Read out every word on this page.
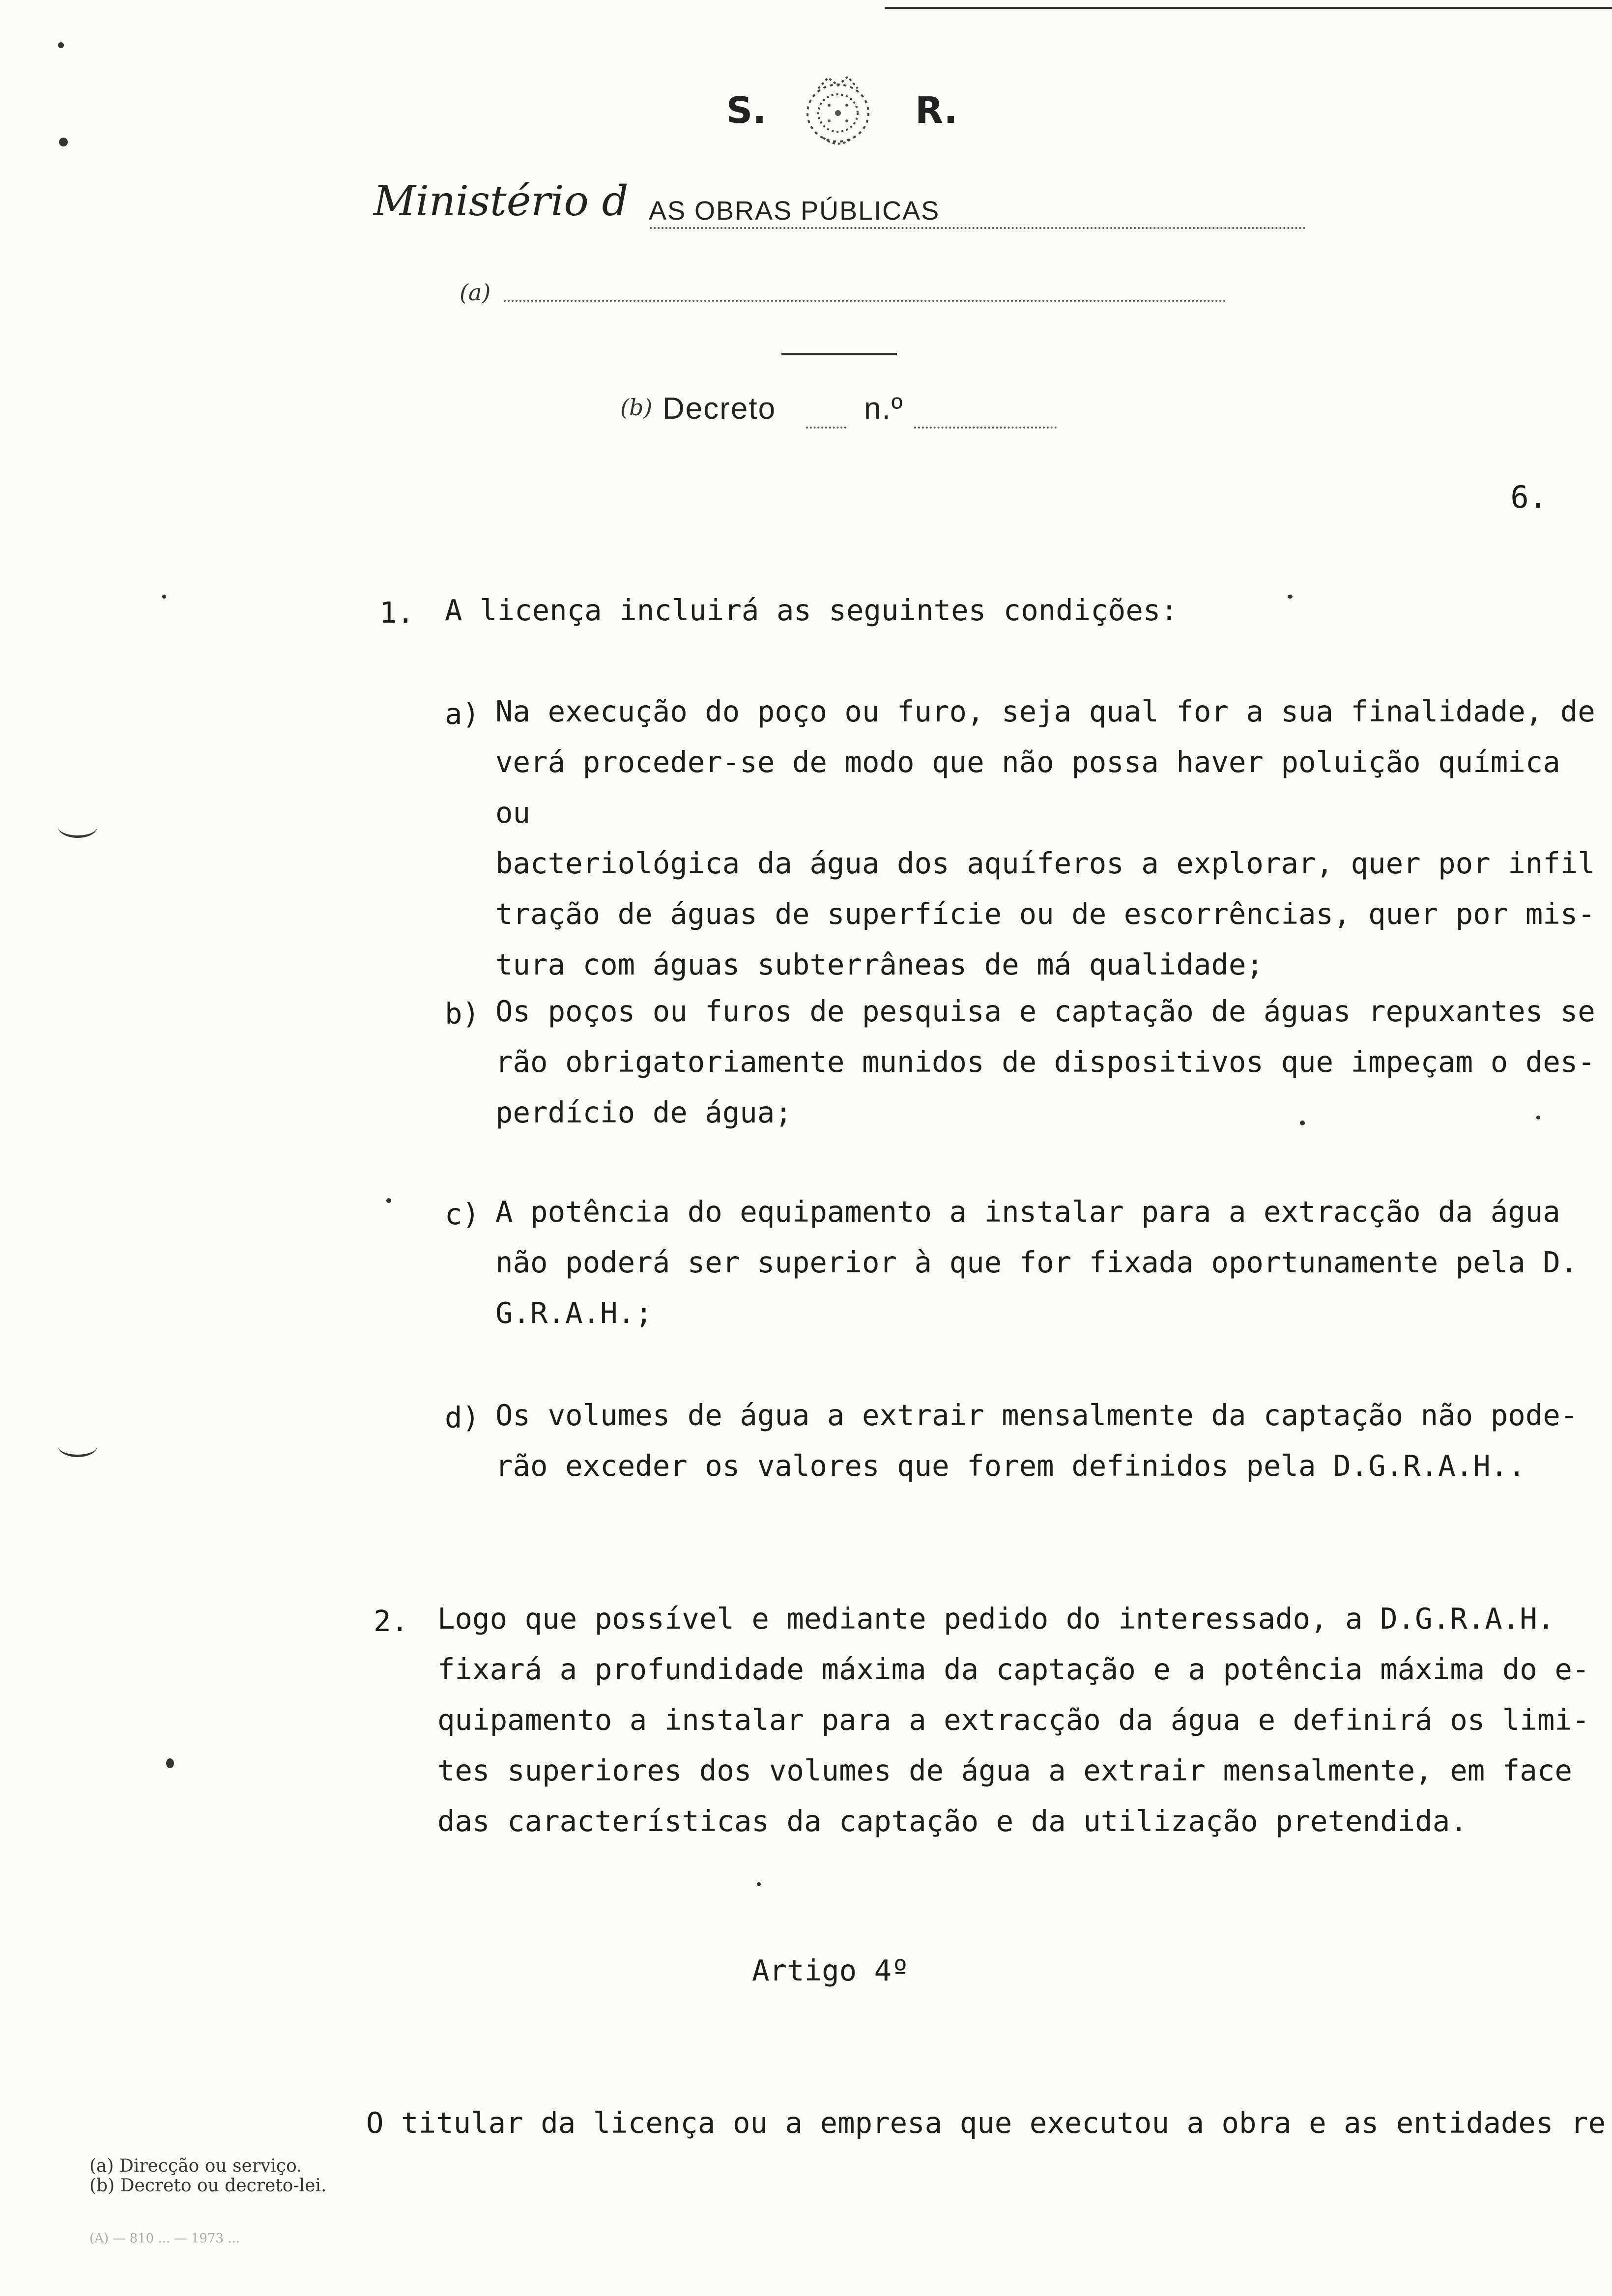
S.	R.
Ministério d AS OBRAS PÚBLICAS
(a)
(b) Decreto	n.º
6.
1. A licença incluirá as seguintes condições:
a) Na execução do poço ou furo, seja qual for a sua finalidade, de
verá proceder-se de modo que não possa haver poluição química ou
bacteriológica da água dos aquíferos a explorar, quer por infil
tração de águas de superfície ou de escorrências, quer por mis-
tura com águas subterrâneas de má qualidade;
b) Os poços ou furos de pesquisa e captação de águas repuxantes se
rão obrigatoriamente munidos de dispositivos que impeçam o des-
perdício de água;
c) A potência do equipamento a instalar para a extracção da água
não poderá ser superior à que for fixada oportunamente pela D.
G.R.A.H.;
d) Os volumes de água a extrair mensalmente da captação não pode-
rão exceder os valores que forem definidos pela D.G.R.A.H..
2. Logo que possível e mediante pedido do interessado, a D.G.R.A.H.
fixará a profundidade máxima da captação e a potência máxima do e-
quipamento a instalar para a extracção da água e definirá os limi-
tes superiores dos volumes de água a extrair mensalmente, em face
das características da captação e da utilização pretendida.
Artigo 4º
O titular da licença ou a empresa que executou a obra e as entidades re
(a) Direcção ou serviço.
(b) Decreto ou decreto-lei.
(A) — 810 ... — 1973 ...
